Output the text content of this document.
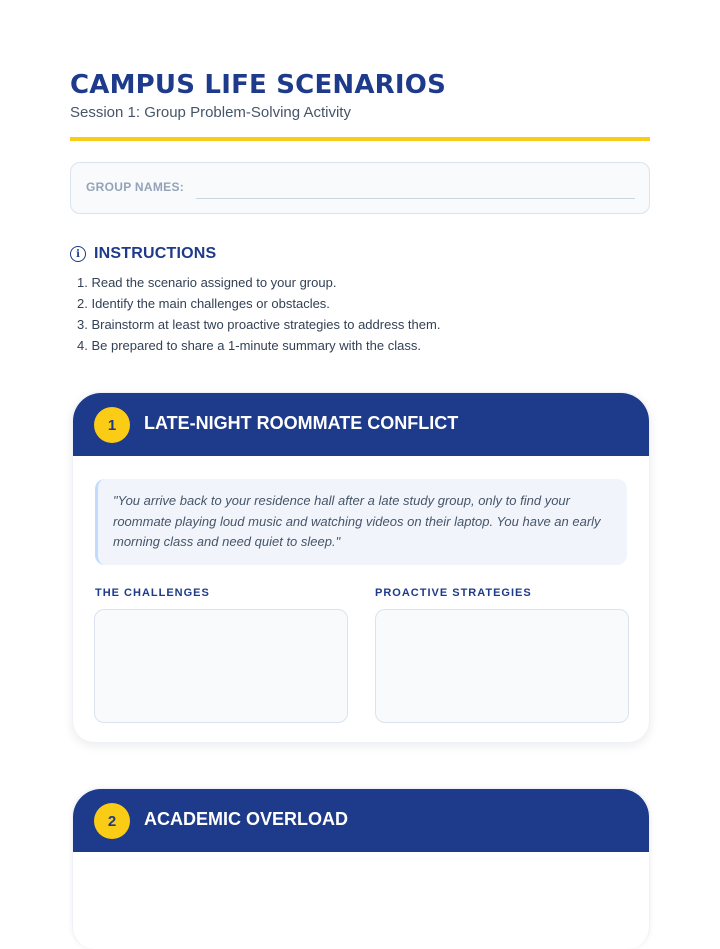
CAMPUS LIFE SCENARIOS
Session 1: Group Problem-Solving Activity
GROUP NAMES:
i INSTRUCTIONS
1. Read the scenario assigned to your group.
2. Identify the main challenges or obstacles.
3. Brainstorm at least two proactive strategies to address them.
4. Be prepared to share a 1-minute summary with the class.
1	LATE-NIGHT ROOMMATE CONFLICT
"You arrive back to your residence hall after a late study group, only to find your roommate playing loud music and watching videos on their laptop. You have an early morning class and need quiet to sleep."
THE CHALLENGES	PROACTIVE STRATEGIES
2	ACADEMIC OVERLOAD
